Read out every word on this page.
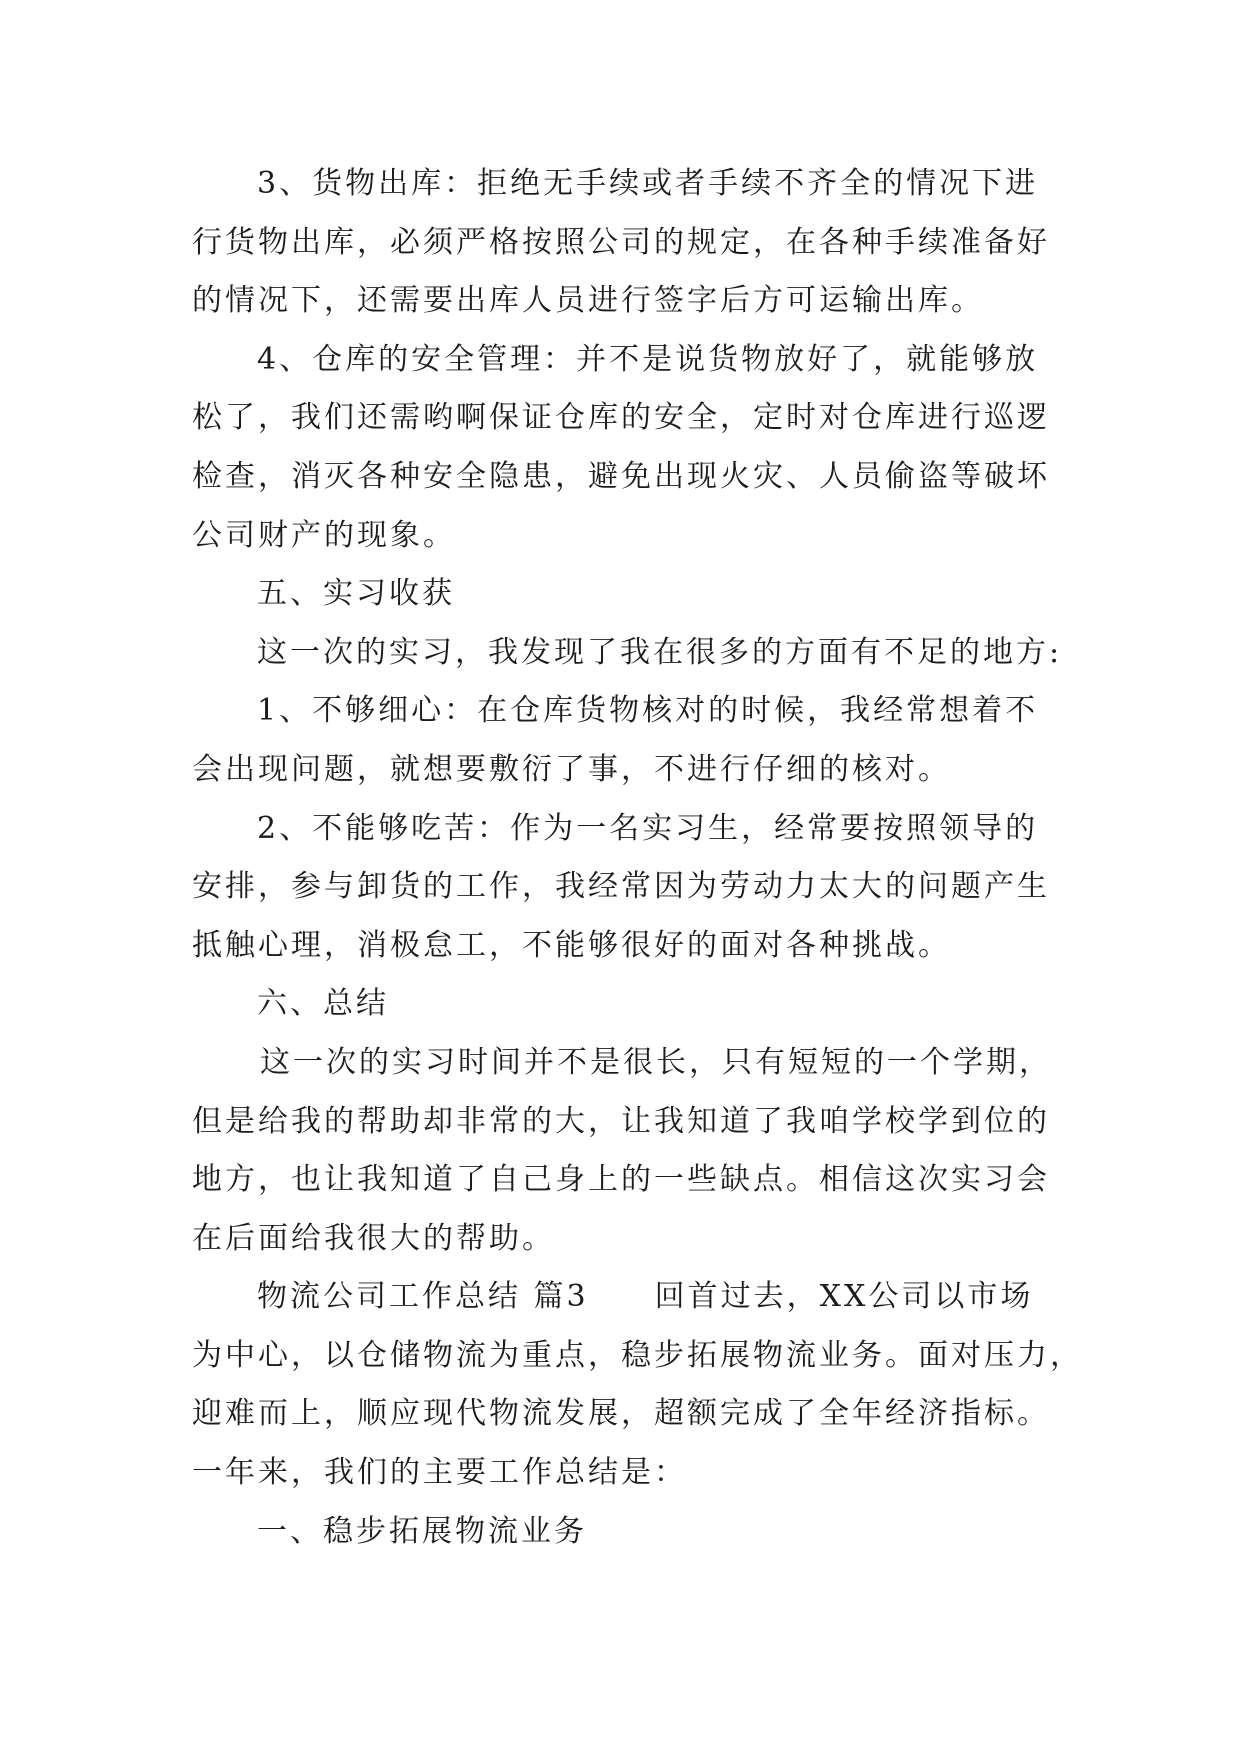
3、货物出库：拒绝无手续或者手续不齐全的情况下进
行货物出库，必须严格按照公司的规定，在各种手续准备好
的情况下，还需要出库人员进行签字后方可运输出库。
4、仓库的安全管理：并不是说货物放好了，就能够放
松了，我们还需哟啊保证仓库的安全，定时对仓库进行巡逻
检查，消灭各种安全隐患，避免出现火灾、人员偷盗等破坏
公司财产的现象。
五、实习收获
这一次的实习，我发现了我在很多的方面有不足的地方:
1、不够细心：在仓库货物核对的时候，我经常想着不
会出现问题，就想要敷衍了事，不进行仔细的核对。
2、不能够吃苦：作为一名实习生，经常要按照领导的
安排，参与卸货的工作，我经常因为劳动力太大的问题产生
抵触心理，消极怠工，不能够很好的面对各种挑战。
六、总结
这一次的实习时间并不是很长，只有短短的一个学期，
但是给我的帮助却非常的大，让我知道了我咱学校学到位的
地方，也让我知道了自己身上的一些缺点。相信这次实习会
在后面给我很大的帮助。
物流公司工作总结 篇3　　回首过去，XX公司以市场
为中心，以仓储物流为重点，稳步拓展物流业务。面对压力，
迎难而上，顺应现代物流发展，超额完成了全年经济指标。
一年来，我们的主要工作总结是：
一、稳步拓展物流业务
